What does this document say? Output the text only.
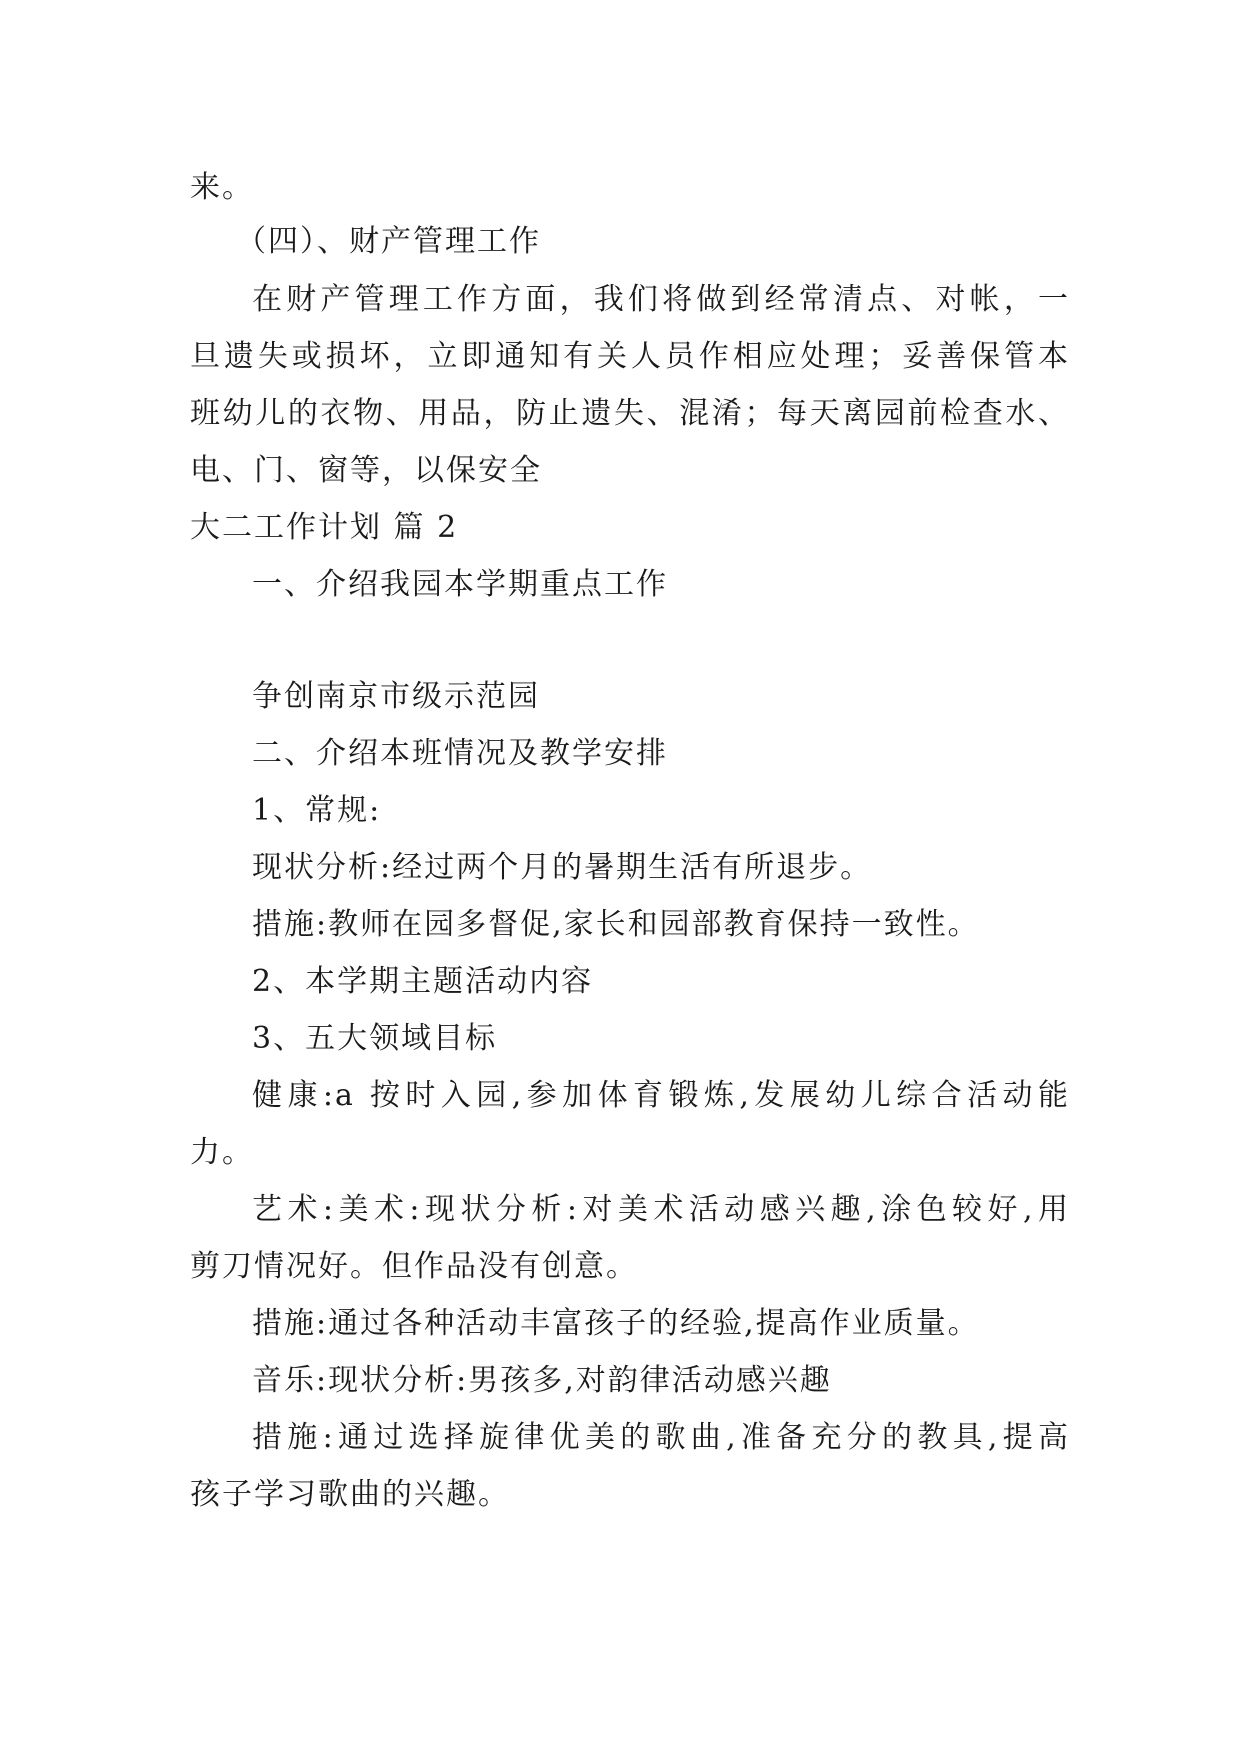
来。
（四）、财产管理工作
在财产管理工作方面，我们将做到经常清点、对帐，一
旦遗失或损坏，立即通知有关人员作相应处理；妥善保管本
班幼儿的衣物、用品，防止遗失、混淆；每天离园前检查水、
电、门、窗等，以保安全
大二工作计划 篇 2
一、介绍我园本学期重点工作
争创南京市级示范园
二、介绍本班情况及教学安排
1、常规:
现状分析:经过两个月的暑期生活有所退步。
措施:教师在园多督促,家长和园部教育保持一致性。
2、本学期主题活动内容
3、五大领域目标
健康:a 按时入园,参加体育锻炼,发展幼儿综合活动能
力。
艺术:美术:现状分析:对美术活动感兴趣,涂色较好,用
剪刀情况好。但作品没有创意。
措施:通过各种活动丰富孩子的经验,提高作业质量。
音乐:现状分析:男孩多,对韵律活动感兴趣
措施:通过选择旋律优美的歌曲,准备充分的教具,提高
孩子学习歌曲的兴趣。
